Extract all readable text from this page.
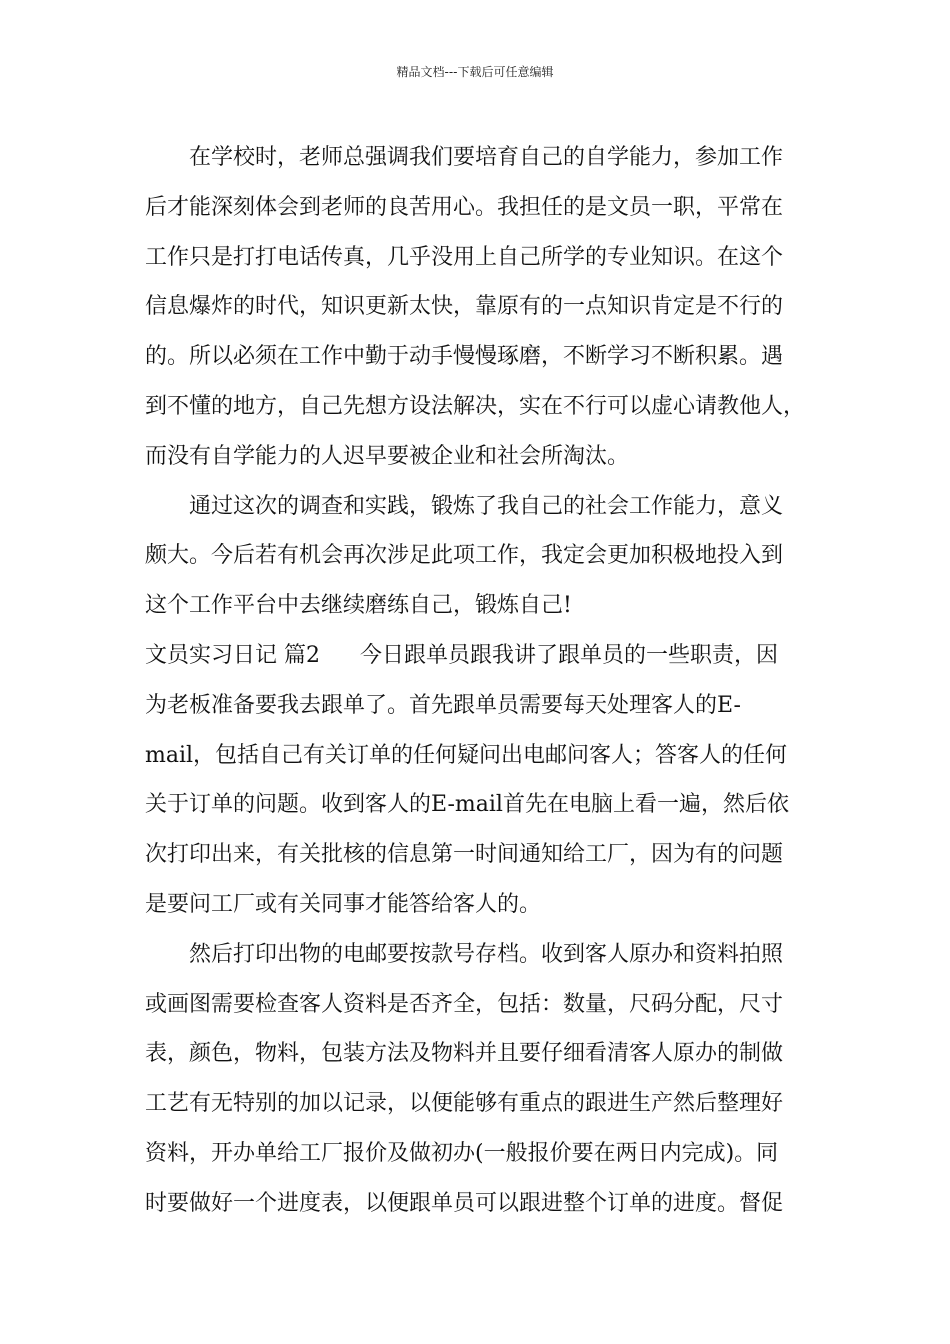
精品文档---下载后可任意编辑
在学校时，老师总强调我们要培育自己的自学能力，参加工作
后才能深刻体会到老师的良苦用心。我担任的是文员一职，平常在
工作只是打打电话传真，几乎没用上自己所学的专业知识。在这个
信息爆炸的时代，知识更新太快，靠原有的一点知识肯定是不行的
的。所以必须在工作中勤于动手慢慢琢磨，不断学习不断积累。遇
到不懂的地方，自己先想方设法解决，实在不行可以虚心请教他人，
而没有自学能力的人迟早要被企业和社会所淘汰。
通过这次的调查和实践，锻炼了我自己的社会工作能力，意义
颇大。今后若有机会再次涉足此项工作，我定会更加积极地投入到
这个工作平台中去继续磨练自己，锻炼自己!
文员实习日记 篇2 今日跟单员跟我讲了跟单员的一些职责，因
为老板准备要我去跟单了。首先跟单员需要每天处理客人的E-
mail，包括自己有关订单的任何疑问出电邮问客人；答客人的任何
关于订单的问题。收到客人的E-mail首先在电脑上看一遍，然后依
次打印出来，有关批核的信息第一时间通知给工厂，因为有的问题
是要问工厂或有关同事才能答给客人的。
然后打印出物的电邮要按款号存档。收到客人原办和资料拍照
或画图需要检查客人资料是否齐全，包括：数量，尺码分配，尺寸
表，颜色，物料，包装方法及物料并且要仔细看清客人原办的制做
工艺有无特别的加以记录，以便能够有重点的跟进生产然后整理好
资料，开办单给工厂报价及做初办(一般报价要在两日内完成)。同
时要做好一个进度表，以便跟单员可以跟进整个订单的进度。督促
